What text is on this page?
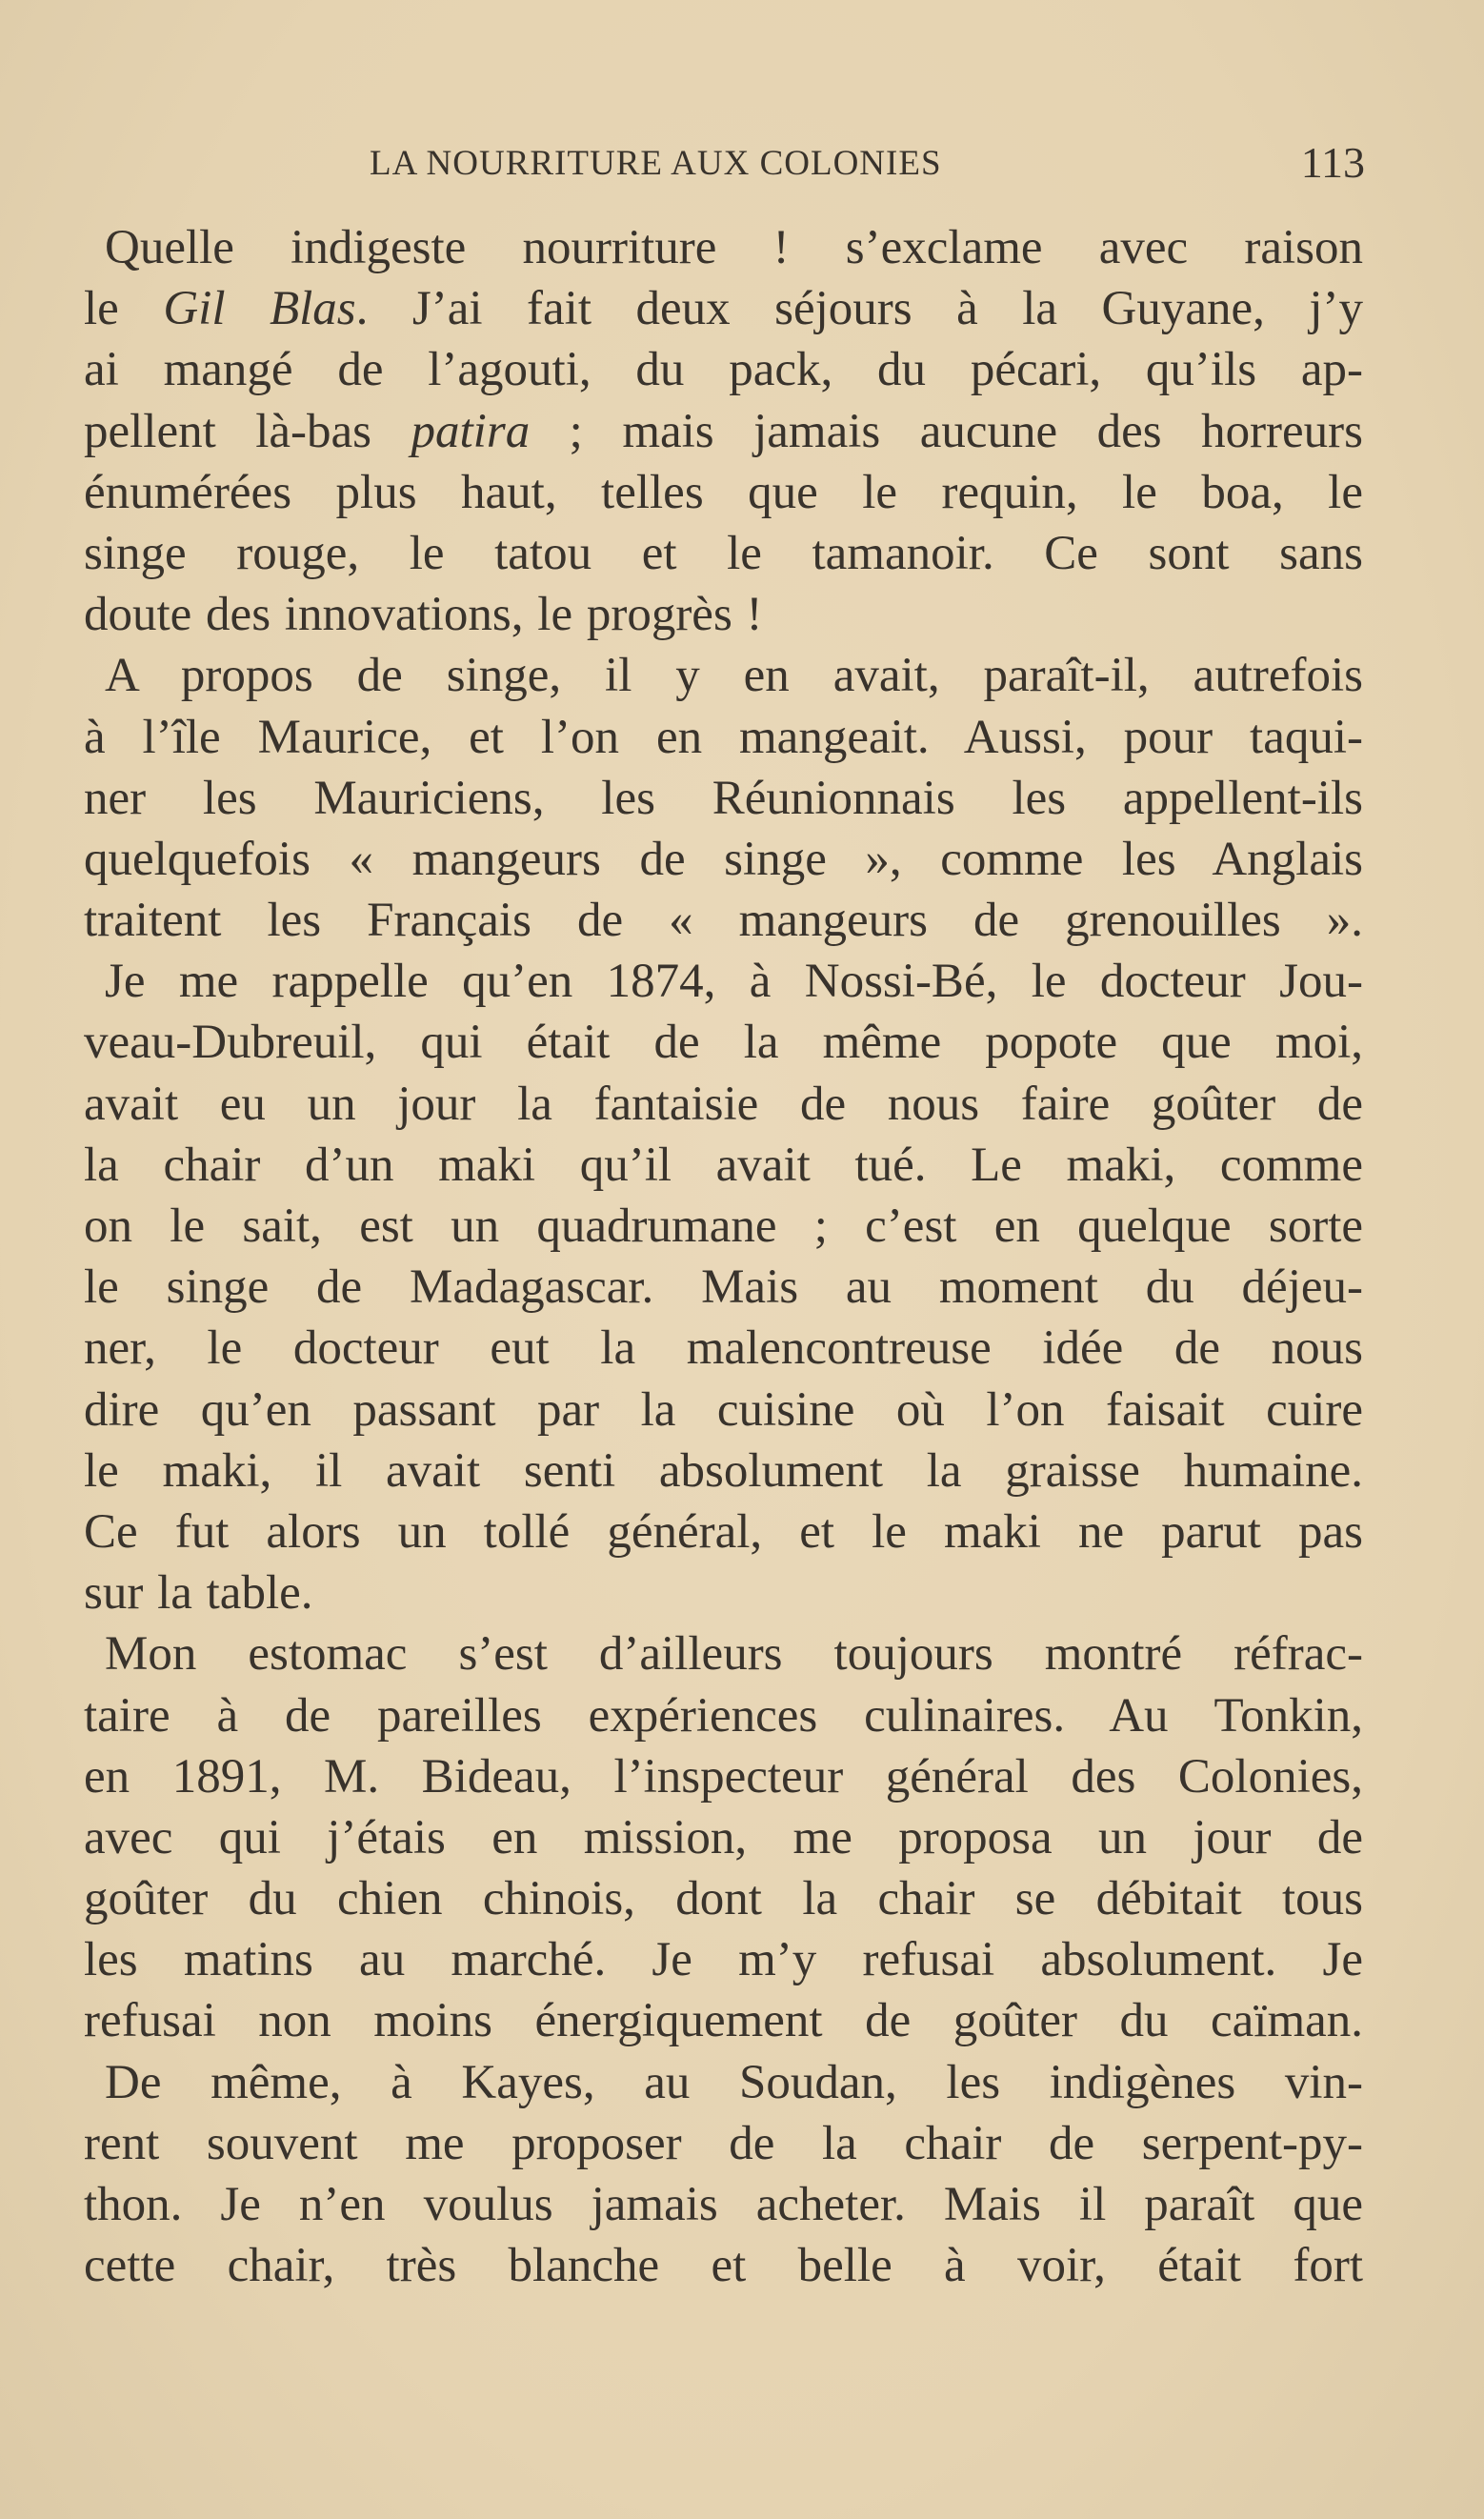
LA NOURRITURE AUX COLONIES	113
Quelle indigeste nourriture ! s’exclame avec raison
le Gil Blas. J’ai fait deux séjours à la Guyane, j’y
ai mangé de l’agouti, du pack, du pécari, qu’ils ap-
pellent là-bas patira ; mais jamais aucune des horreurs
énumérées plus haut, telles que le requin, le boa, le
singe rouge, le tatou et le tamanoir. Ce sont sans
doute des innovations, le progrès !
A propos de singe, il y en avait, paraît-il, autrefois
à l’île Maurice, et l’on en mangeait. Aussi, pour taqui-
ner les Mauriciens, les Réunionnais les appellent-ils
quelquefois « mangeurs de singe », comme les Anglais
traitent les Français de « mangeurs de grenouilles ».
Je me rappelle qu’en 1874, à Nossi-Bé, le docteur Jou-
veau-Dubreuil, qui était de la même popote que moi,
avait eu un jour la fantaisie de nous faire goûter de
la chair d’un maki qu’il avait tué. Le maki, comme
on le sait, est un quadrumane ; c’est en quelque sorte
le singe de Madagascar. Mais au moment du déjeu-
ner, le docteur eut la malencontreuse idée de nous
dire qu’en passant par la cuisine où l’on faisait cuire
le maki, il avait senti absolument la graisse humaine.
Ce fut alors un tollé général, et le maki ne parut pas
sur la table.
Mon estomac s’est d’ailleurs toujours montré réfrac-
taire à de pareilles expériences culinaires. Au Tonkin,
en 1891, M. Bideau, l’inspecteur général des Colonies,
avec qui j’étais en mission, me proposa un jour de
goûter du chien chinois, dont la chair se débitait tous
les matins au marché. Je m’y refusai absolument. Je
refusai non moins énergiquement de goûter du caïman.
De même, à Kayes, au Soudan, les indigènes vin-
rent souvent me proposer de la chair de serpent-py-
thon. Je n’en voulus jamais acheter. Mais il paraît que
cette chair, très blanche et belle à voir, était fort
